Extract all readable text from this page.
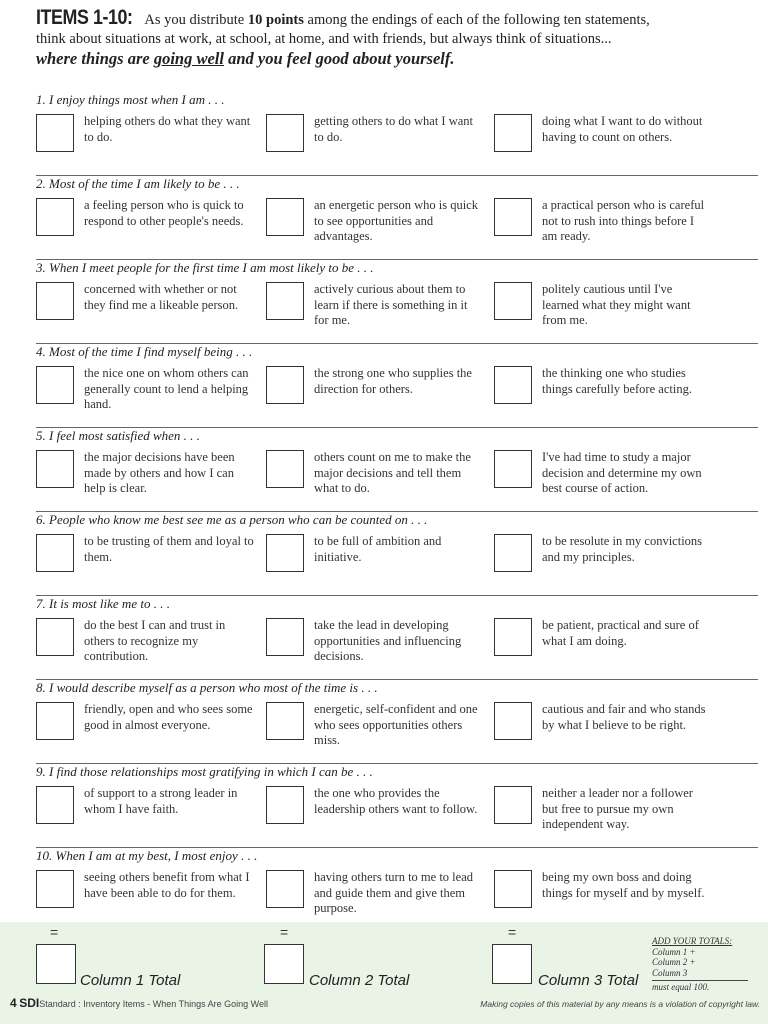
ITEMS 1-10: As you distribute 10 points among the endings of each of the following ten statements,
think about situations at work, at school, at home, and with friends, but always think of situations...
where things are going well and you feel good about yourself.
1. I enjoy things most when I am . . .
helping others do what they want to do.
getting others to do what I want to do.
doing what I want to do without having to count on others.
2. Most of the time I am likely to be . . .
a feeling person who is quick to respond to other people's needs.
an energetic person who is quick to see opportunities and advantages.
a practical person who is careful not to rush into things before I am ready.
3. When I meet people for the first time I am most likely to be . . .
concerned with whether or not they find me a likeable person.
actively curious about them to learn if there is something in it for me.
politely cautious until I've learned what they might want from me.
4. Most of the time I find myself being . . .
the nice one on whom others can generally count to lend a helping hand.
the strong one who supplies the direction for others.
the thinking one who studies things carefully before acting.
5. I feel most satisfied when . . .
the major decisions have been made by others and how I can help is clear.
others count on me to make the major decisions and tell them what to do.
I've had time to study a major decision and determine my own best course of action.
6. People who know me best see me as a person who can be counted on . . .
to be trusting of them and loyal to them.
to be full of ambition and initiative.
to be resolute in my convictions and my principles.
7. It is most like me to . . .
do the best I can and trust in others to recognize my contribution.
take the lead in developing opportunities and influencing decisions.
be patient, practical and sure of what I am doing.
8. I would describe myself as a person who most of the time is . . .
friendly, open and who sees some good in almost everyone.
energetic, self-confident and one who sees opportunities others miss.
cautious and fair and who stands by what I believe to be right.
9. I find those relationships most gratifying in which I can be . . .
of support to a strong leader in whom I have faith.
the one who provides the leadership others want to follow.
neither a leader nor a follower but free to pursue my own independent way.
10. When I am at my best, I most enjoy . . .
seeing others benefit from what I have been able to do for them.
having others turn to me to lead and guide them and give them purpose.
being my own boss and doing things for myself and by myself.
=	=	=
Column 1 Total	Column 2 Total	Column 3 Total
ADD YOUR TOTALS:
Column 1 +
Column 2 +
Column 3
must equal 100.
4 SDIStandard : Inventory Items - When Things Are Going Well	Making copies of this material by any means is a violation of copyright law.
